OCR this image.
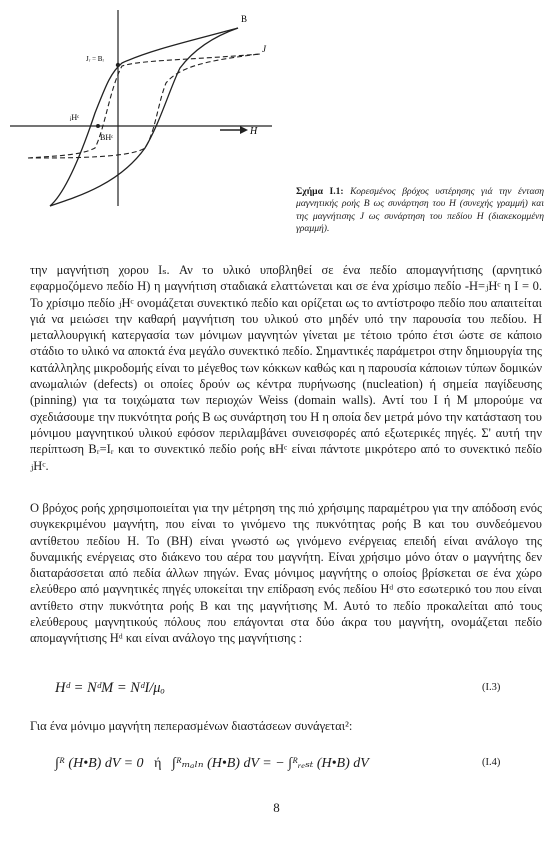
H
B
J
Jᵣ = Bᵣ
ⱼHᶜ
BHᶜ
Σχήμα Ι.1: Κορεσμένος βρόχος υστέρησης γιά την ένταση μαγνητικής ροής Β ως συνάρτηση του Η (συνεχής γραμμή) και της μαγνήτισης J ως συνάρτηση του πεδίου Η (διακεκομμένη γραμμή).

την μαγνήτιση χορου Iₛ. Αν το υλικό υποβληθεί σε ένα πεδίο απομαγνήτισης (αρνητικό εφαρμοζόμενο πεδίο Η) η μαγνήτιση σταδιακά ελαττώνεται και σε ένα χρίσιμο πεδίο -H=ⱼHᶜ η I = 0. Το χρίσιμο πεδίο ⱼHᶜ ονομάζεται συνεκτικό πεδίο και ορίζεται ως το αντίστροφο πεδίο που απαιτείται γιά να μειώσει την καθαρή μαγνήτιση του υλικού στο μηδέν υπό την παρουσία του πεδίου. Η μεταλλουργική κατεργασία των μόνιμων μαγνητών γίνεται με τέτοιο τρόπο έτσι ώστε σε κάποιο στάδιο το υλικό να αποκτά ένα μεγάλο συνεκτικό πεδίο. Σημαντικές παράμετροι στην δημιουργία της κατάλληλης μικροδομής είναι το μέγεθος των κόκκων καθώς και η παρουσία κάποιων τύπων δομικών ανωμαλιών (defects) οι οποίες δρούν ως κέντρα πυρήνωσης (nucleation) ή σημεία παγίδευσης (pinning) για τα τοιχώματα των περιοχών Weiss (domain walls). Αντί του I ή M μπορούμε να σχεδιάσουμε την πυκνότητα ροής Β ως συνάρτηση του Η η οποία δεν μετρά μόνο την κατάσταση του μόνιμου μαγνητικού υλικού εφόσον περιλαμβάνει συνεισφορές από εξωτερικές πηγές. Σ' αυτή την περίπτωση Bᵣ=Iᵣ και το συνεκτικό πεδίο ροής ʙHᶜ είναι πάντοτε μικρότερο από το συνεκτικό πεδίο ⱼHᶜ.

Ο βρόχος ροής χρησιμοποιείται για την μέτρηση της πιό χρήσιμης παραμέτρου για την απόδοση ενός συγκεκριμένου μαγνήτη, που είναι το γινόμενο της πυκνότητας ροής Β και του συνδεόμενου αντίθετου πεδίου Η. Το (ΒΗ) είναι γνωστό ως γινόμενο ενέργειας επειδή είναι ανάλογο της δυναμικής ενέργειας στο διάκενο του αέρα του μαγνήτη. Είναι χρήσιμο μόνο όταν ο μαγνήτης δεν διαταράσσεται από πεδία άλλων πηγών. Ενας μόνιμος μαγνήτης ο οποίος βρίσκεται σε ένα χώρο ελεύθερο από μαγνητικές πηγές υποκείται την επίδραση ενός πεδίου Hᵈ στο εσωτερικό του που είναι αντίθετο στην πυκνότητα ροής Β και της μαγνήτισης Μ. Αυτό το πεδίο προκαλείται από τους ελεύθερους μαγνητικούς πόλους που επάγονται στα δύο άκρα του μαγνήτη, ονομάζεται πεδίο απομαγνήτισης Hᵈ και είναι ανάλογο της μαγνήτισης :

Hᵈ = NᵈM = NᵈI/μₒ	(I.3)

Για ένα μόνιμο μαγνήτη πεπερασμένων διαστάσεων συνάγεται²:

∫ᴿ (H•B) dV = 0 ή ∫ᴿₘₐₗₙ (H•B) dV = − ∫ᴿᵣₑₛₜ (H•B) dV	(I.4)
8
